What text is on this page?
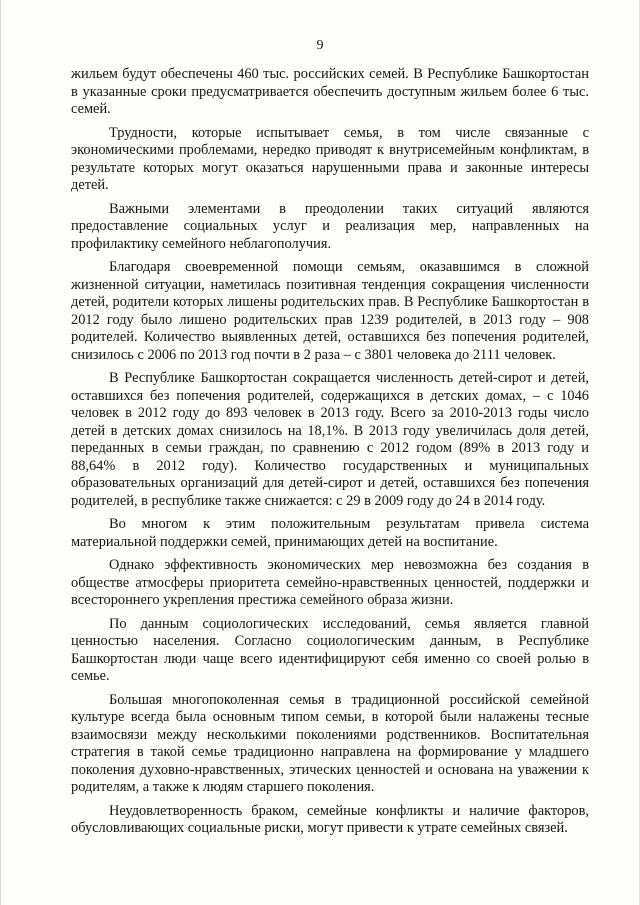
9

жильем будут обеспечены 460 тыс. российских семей. В Республике Башкортостан в указанные сроки предусматривается обеспечить доступным жильем более 6 тыс. семей.

Трудности, которые испытывает семья, в том числе связанные с экономическими проблемами, нередко приводят к внутрисемейным конфликтам, в результате которых могут оказаться нарушенными права и законные интересы детей.

Важными элементами в преодолении таких ситуаций являются предоставление социальных услуг и реализация мер, направленных на профилактику семейного неблагополучия.

Благодаря своевременной помощи семьям, оказавшимся в сложной жизненной ситуации, наметилась позитивная тенденция сокращения численности детей, родители которых лишены родительских прав. В Республике Башкортостан в 2012 году было лишено родительских прав 1239 родителей, в 2013 году – 908 родителей. Количество выявленных детей, оставшихся без попечения родителей, снизилось с 2006 по 2013 год почти в 2 раза – с 3801 человека до 2111 человек.

В Республике Башкортостан сокращается численность детей-сирот и детей, оставшихся без попечения родителей, содержащихся в детских домах, – с 1046 человек в 2012 году до 893 человек в 2013 году. Всего за 2010-2013 годы число детей в детских домах снизилось на 18,1%. В 2013 году увеличилась доля детей, переданных в семьи граждан, по сравнению с 2012 годом (89% в 2013 году и 88,64% в 2012 году). Количество государственных и муниципальных образовательных организаций для детей-сирот и детей, оставшихся без попечения родителей, в республике также снижается: с 29 в 2009 году до 24 в 2014 году.

Во многом к этим положительным результатам привела система материальной поддержки семей, принимающих детей на воспитание.

Однако эффективность экономических мер невозможна без создания в обществе атмосферы приоритета семейно-нравственных ценностей, поддержки и всестороннего укрепления престижа семейного образа жизни.

По данным социологических исследований, семья является главной ценностью населения. Согласно социологическим данным, в Республике Башкортостан люди чаще всего идентифицируют себя именно со своей ролью в семье.

Большая многопоколенная семья в традиционной российской семейной культуре всегда была основным типом семьи, в которой были налажены тесные взаимосвязи между несколькими поколениями родственников. Воспитательная стратегия в такой семье традиционно направлена на формирование у младшего поколения духовно-нравственных, этических ценностей и основана на уважении к родителям, а также к людям старшего поколения.

Неудовлетворенность браком, семейные конфликты и наличие факторов, обусловливающих социальные риски, могут привести к утрате семейных связей.
